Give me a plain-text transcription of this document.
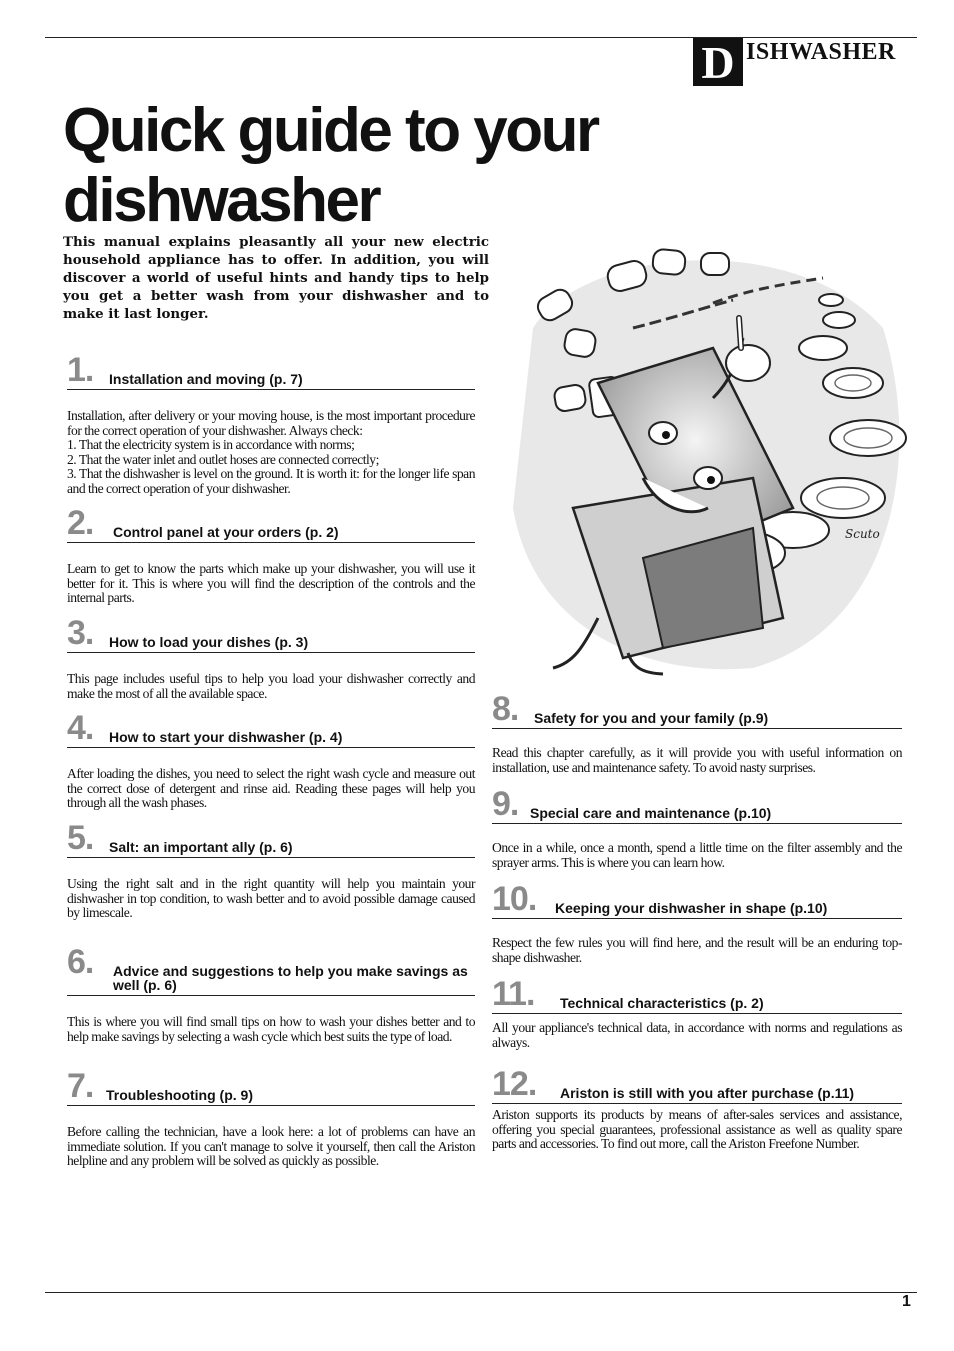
D ISHWASHER
Quick guide to your
dishwasher

This manual explains pleasantly all your new electric household appliance has to offer. In addition, you will discover a world of useful hints and handy tips to help you get a better wash from your dishwasher and to make it last longer.

Scuto
1. Installation and moving (p. 7)

Installation, after delivery or your moving house, is the most important procedure for the correct operation of your dishwasher. Always check:
1. That the electricity system is in accordance with norms;
2. That the water inlet and outlet hoses are connected correctly;
3. That the dishwasher is level on the ground. It is worth it: for the longer life span and the correct operation of your dishwasher.

2. Control panel at your orders (p. 2)

Learn to get to know the parts which make up your dishwasher, you will use it better for it. This is where you will find the description of the controls and the internal parts.

3. How to load your dishes (p. 3)

This page includes useful tips to help you load your dishwasher correctly and make the most of all the available space.

4. How to start your dishwasher (p. 4)

After loading the dishes, you need to select the right wash cycle and measure out the correct dose of detergent and rinse aid. Reading these pages will help you through all the wash phases.

5. Salt: an important ally (p. 6)

Using the right salt and in the right quantity will help you maintain your dishwasher in top condition, to wash better and to avoid possible damage caused by limescale.

6. Advice and suggestions to help you make savings as well (p. 6)

This is where you will find small tips on how to wash your dishes better and to help make savings by selecting a wash cycle which best suits the type of load.

7. Troubleshooting (p. 9)

Before calling the technician, have a look here: a lot of problems can have an immediate solution. If you can't manage to solve it yourself, then call the Ariston helpline and any problem will be solved as quickly as possible.

8. Safety for you and your family (p.9)

Read this chapter carefully, as it will provide you with useful information on installation, use and maintenance safety. To avoid nasty surprises.

9. Special care and maintenance (p.10)

Once in a while, once a month, spend a little time on the filter assembly and the sprayer arms. This is where you can learn how.

10. Keeping your dishwasher in shape (p.10)

Respect the few rules you will find here, and the result will be an enduring top-shape dishwasher.

11. Technical characteristics (p. 2)

All your appliance's technical data, in accordance with norms and regulations as always.

12. Ariston is still with you after purchase (p.11)

Ariston supports its products by means of after-sales services and assistance, offering you special guarantees, professional assistance as well as quality spare parts and accessories. To find out more, call the Ariston Freefone Number.

1
